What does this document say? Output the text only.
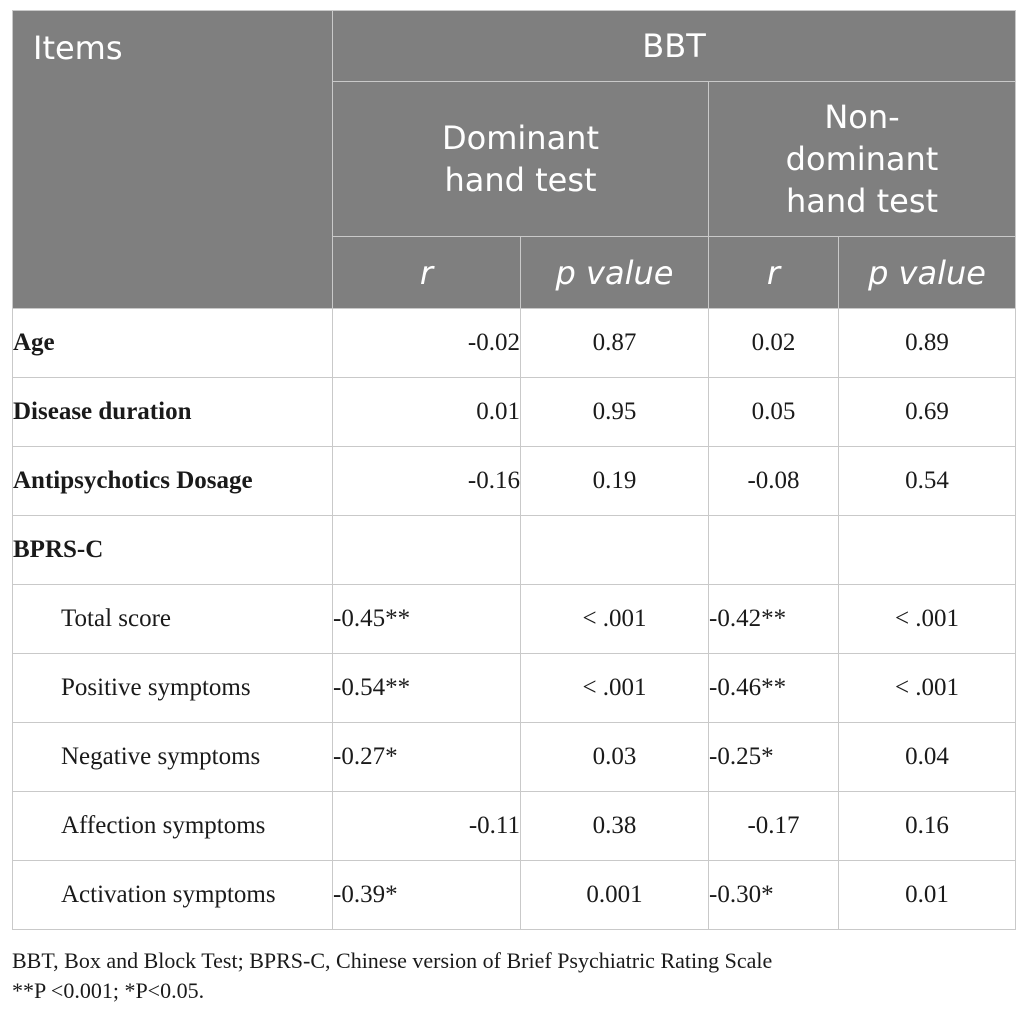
Items	BBT			
	Dominant hand test		Non-
dominant
hand test	
	r	p value	r	p value
Age	-0.02	0.87	0.02	0.89
Disease duration	0.01	0.95	0.05	0.69
Antipsychotics Dosage	-0.16	0.19	-0.08	0.54
BPRS-C				
Total score	-0.45**	< .001	-0.42**	< .001
Positive symptoms	-0.54**	< .001	-0.46**	< .001
Negative symptoms	-0.27*	0.03	-0.25*	0.04
Affection symptoms	-0.11	0.38	-0.17	0.16
Activation symptoms	-0.39*	0.001	-0.30*	0.01
BBT, Box and Block Test; BPRS-C, Chinese version of Brief Psychiatric Rating Scale
**P <0.001; *P<0.05.
